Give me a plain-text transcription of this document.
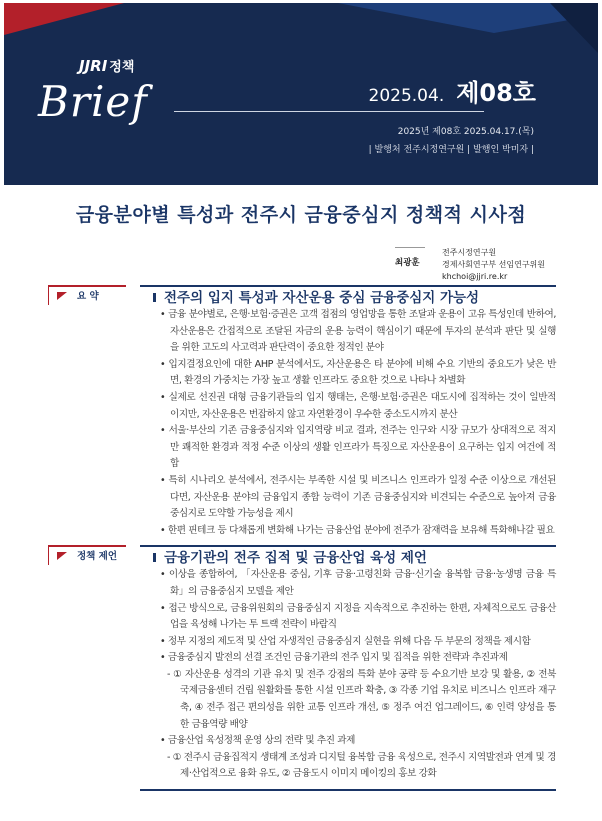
JJRI 정책
Brief	2025.04. 제08호
2025년 제08호 2025.04.17.(목)
| 발행처 전주시정연구원 | 발행인 박미자 |
금융분야별 특성과 전주시 금융중심지 정책적 시사점
최광훈
전주시정연구원
경제사회연구부 선임연구위원
khchoi@jjri.re.kr
요 약	전주의 입지 특성과 자산운용 중심 금융중심지 가능성
• 금융 분야별로, 은행·보험·증권은 고객 접점의 영업망을 통한 조달과 운용이 고유 특성인데 반하여, 자산운용은 간접적으로 조달된 자금의 운용 능력이 핵심이기 때문에 투자의 분석과 판단 및 실행을 위한 고도의 사고력과 판단력이 중요한 정적인 분야
• 입지결정요인에 대한 AHP 분석에서도, 자산운용은 타 분야에 비해 수요 기반의 중요도가 낮은 반면, 환경의 가중치는 가장 높고 생활 인프라도 중요한 것으로 나타나 차별화
• 실제로 선진권 대형 금융기관들의 입지 행태는, 은행·보험·증권은 대도시에 집적하는 것이 일반적이지만, 자산운용은 번잡하지 않고 자연환경이 우수한 중소도시까지 분산
• 서울·부산의 기존 금융중심지와 입지역량 비교 결과, 전주는 인구와 시장 규모가 상대적으로 적지만 쾌적한 환경과 적정 수준 이상의 생활 인프라가 특징으로 자산운용이 요구하는 입지 여건에 적합
• 특히 시나리오 분석에서, 전주시는 부족한 시설 및 비즈니스 인프라가 일정 수준 이상으로 개선된다면, 자산운용 분야의 금융입지 종합 능력이 기존 금융중심지와 비견되는 수준으로 높아져 금융중심지로 도약할 가능성을 제시
• 한편 핀테크 등 다채롭게 변화해 나가는 금융산업 분야에 전주가 잠재력을 보유해 특화해나갈 필요
정책 제언	금융기관의 전주 집적 및 금융산업 육성 제언
• 이상을 종합하여, 「자산운용 중심, 기후 금융·고령친화 금융·신기술 융복합 금융·농생명 금융 특화」의 금융중심지 모델을 제안
• 접근 방식으로, 금융위원회의 금융중심지 지정을 지속적으로 추진하는 한편, 자체적으로도 금융산업을 육성해 나가는 투 트랙 전략이 바람직
• 정부 지정의 제도적 및 산업 자생적인 금융중심지 실현을 위해 다음 두 부문의 정책을 제시함
• 금융중심지 발전의 선결 조건인 금융기관의 전주 입지 및 집적을 위한 전략과 추진과제
- ① 자산운용 성격의 기관 유치 및 전주 강점의 특화 분야 공략 등 수요기반 보강 및 활용, ② 전북국제금융센터 건립 원활화를 통한 시설 인프라 확충, ③ 각종 기업 유치로 비즈니스 인프라 재구축, ④ 전주 접근 편의성을 위한 교통 인프라 개선, ⑤ 정주 여건 업그레이드, ⑥ 인력 양성을 통한 금융역량 배양
• 금융산업 육성정책 운영 상의 전략 및 추진 과제
- ① 전주시 금융집적지 생태계 조성과 디지털 융복합 금융 육성으로, 전주시 지역발전과 연계 및 경제·산업적으로 융화 유도, ② 금융도시 이미지 메이킹의 홍보 강화
